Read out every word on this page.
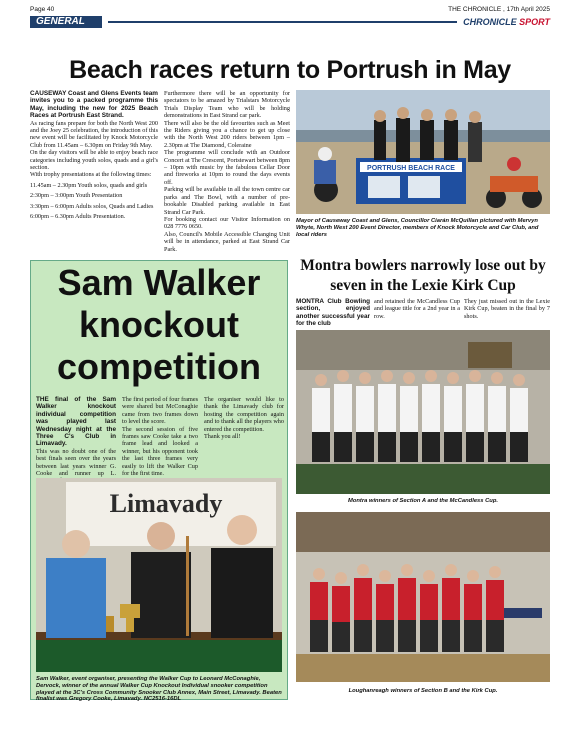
Page 40	THE CHRONICLE , 17th April 2025
GENERAL	CHRONICLE SPORT
Beach races return to Portrush in May

CAUSEWAY Coast and Glens Events team invites you to a packed programme this May, including the new for 2025 Beach Races at Portrush East Strand.

As racing fans prepare for both the North West 200 and the Joey 25 celebration, the introduction of this new event will be facilitated by Knock Motorcycle Club from 11.45am – 6.30pm on Friday 9th May.

On the day visitors will be able to enjoy beach race categories including youth solos, quads and a girl's section.

With trophy presentations at the following times:

11.45am – 2.30pm Youth solos, quads and girls

2:30pm – 3:00pm Youth Presentation

3:30pm – 6:00pm Adults solos, Quads and Ladies

6:00pm – 6.30pm Adults Presentation.

Furthermore there will be an opportunity for spectators to be amazed by Trialstars Motorcycle Trials Display Team who will be holding demonstrations in East Strand car park.

There will also be the old favourites such as Meet the Riders giving you a chance to get up close with the North West 200 riders between 1pm – 2.30pm at The Diamond, Coleraine

The programme will conclude with an Outdoor Concert at The Crescent, Portstewart between 8pm – 10pm with music by the fabulous Cellar Door and fireworks at 10pm to round the days events off.

Parking will be available in all the town centre car parks and The Bowl, with a number of pre-bookable Disabled parking available in East Strand Car Park.

For booking contact our Visitor Information on 028 7776 0650.

Also, Council's Mobile Accessible Changing Unit will be in attendance, parked at East Strand Car Park.

PORTRUSH BEACH RACE
Mayor of Causeway Coast and Glens, Councillor Ciarán McQuillan pictured with Mervyn Whyte, North West 200 Event Director, members of Knock Motorcycle and Car Club, and local riders
Sam Walker knockout competition

THE final of the Sam Walker knockout individual competition was played last Wednesday night at the Three C's Club in Limavady.

This was no doubt one of the best finals seen over the years between last years winner G. Cooke and runner up L.

The first period of four frames were shared but McConaghie came from two frames down to level the score.

The second session of five frames saw Cooke take a two frame lead and looked a winner, but his opponent took the last three frames very easily to lift the Walker Cup for the first time.

The organiser would like to thank the Limavady club for hosting the competition again and to thank all the players who entered the competition.

Thank you all!

Limavady
Sam Walker, event organiser, presenting the Walker Cup to Leonard McConaghie, Dervock, winner of the annual Walker Cup Knockout Individual snooker competition played at the 3C's Cross Community Snooker Club Annex, Main Street, Limavady. Beaten finalist was Gregory Cooke, Limavady. NC2516-16DL
Montra bowlers narrowly lose out by seven in the Lexie Kirk Cup

MONTRA Club Bowling section, enjoyed another successful year for the club

and retained the McCandless Cup and league title for a 2nd year in a row.

They just missed out in the Lexie Kirk Cup, beaten in the final by 7 shots.

Montra winners of Section A and the McCandless Cup.
Loughanreagh winners of Section B and the Kirk Cup.
